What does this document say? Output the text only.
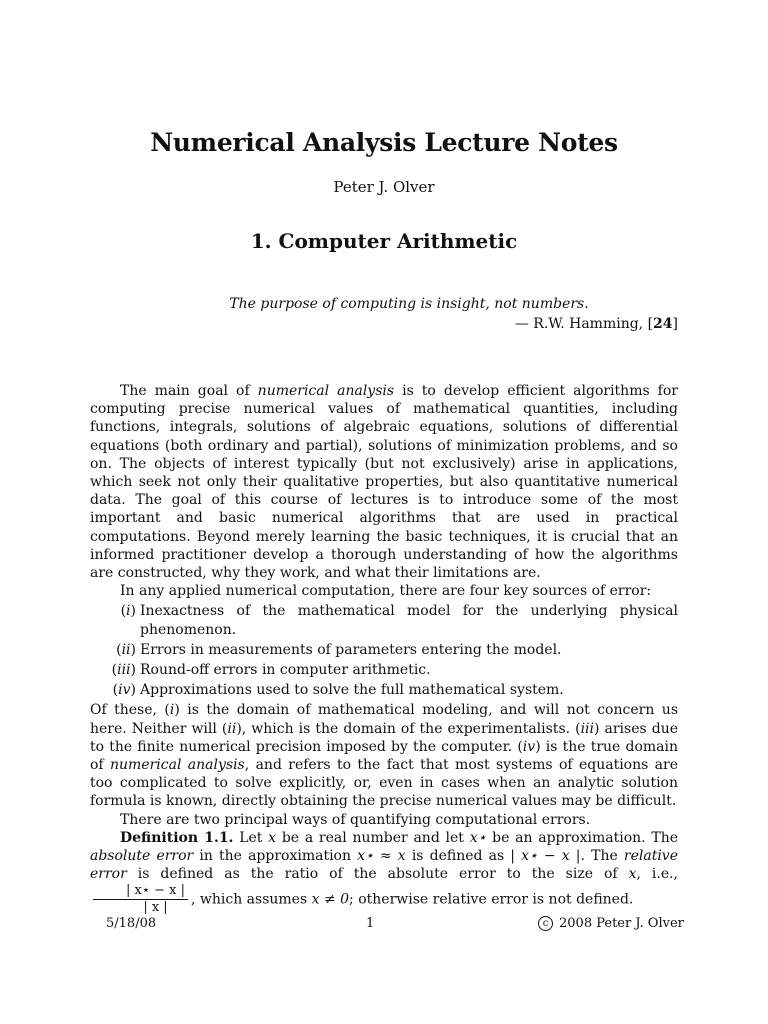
Numerical Analysis Lecture Notes
Peter J. Olver
1. Computer Arithmetic
The purpose of computing is insight, not numbers.
— R.W. Hamming, [24]

The main goal of numerical analysis is to develop efficient algorithms for computing precise numerical values of mathematical quantities, including functions, integrals, solutions of algebraic equations, solutions of differential equations (both ordinary and partial), solutions of minimization problems, and so on. The objects of interest typically (but not exclusively) arise in applications, which seek not only their qualitative properties, but also quantitative numerical data. The goal of this course of lectures is to introduce some of the most important and basic numerical algorithms that are used in practical computations. Beyond merely learning the basic techniques, it is crucial that an informed practitioner develop a thorough understanding of how the algorithms are constructed, why they work, and what their limitations are.

In any applied numerical computation, there are four key sources of error:

(i) Inexactness of the mathematical model for the underlying physical phenomenon.
(ii) Errors in measurements of parameters entering the model.
(iii) Round-off errors in computer arithmetic.
(iv) Approximations used to solve the full mathematical system.

Of these, (i) is the domain of mathematical modeling, and will not concern us here. Neither will (ii), which is the domain of the experimentalists. (iii) arises due to the finite numerical precision imposed by the computer. (iv) is the true domain of numerical analysis, and refers to the fact that most systems of equations are too complicated to solve explicitly, or, even in cases when an analytic solution formula is known, directly obtaining the precise numerical values may be difficult.

There are two principal ways of quantifying computational errors.

Definition 1.1. Let x be a real number and let x⋆ be an approximation. The absolute error in the approximation x⋆ ≈ x is defined as | x⋆ − x |. The relative error is defined as the ratio of the absolute error to the size of x, i.e.,
$\frac{| x⋆ - x |}{| x |}$ , which assumes x ≠ 0; otherwise relative error is not defined.

5/18/08	1	c 2008 Peter J. Olver
